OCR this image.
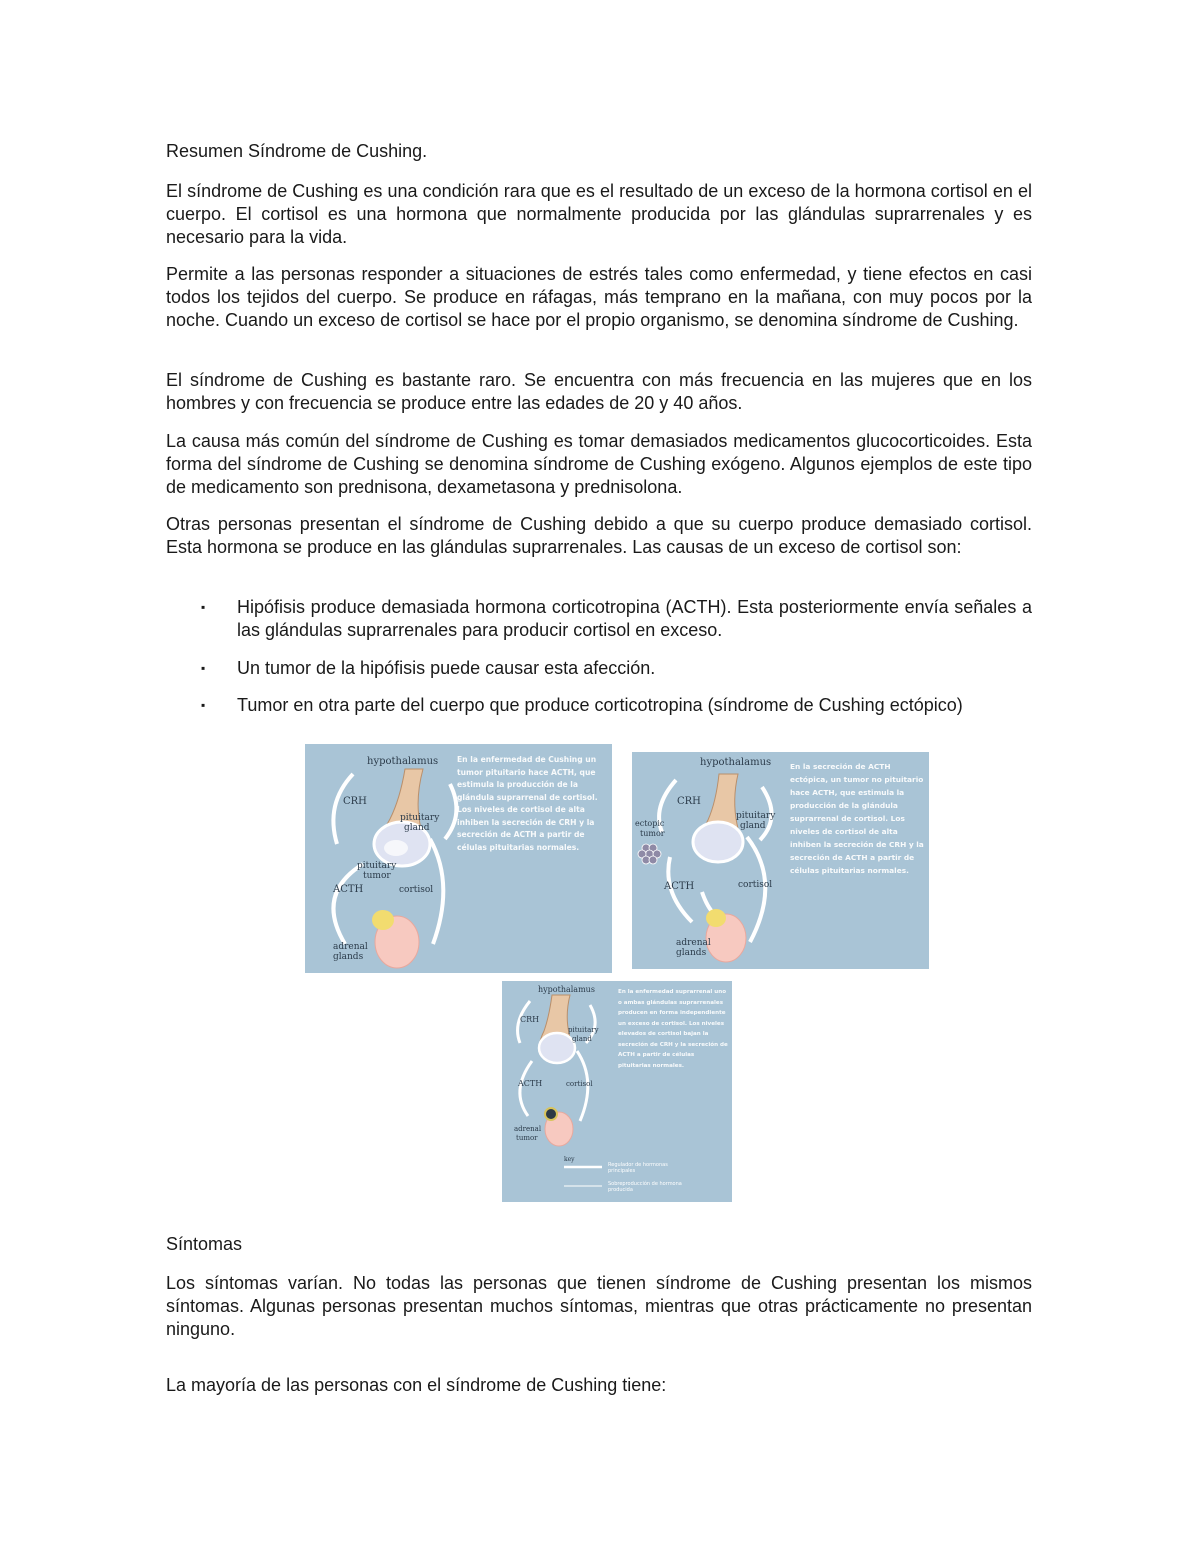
Resumen Síndrome de Cushing.
El síndrome de Cushing es una condición rara que es el resultado de un exceso de la hormona cortisol en el cuerpo. El cortisol es una hormona que normalmente producida por las glándulas suprarrenales y es necesario para la vida.
Permite a las personas responder a situaciones de estrés tales como enfermedad, y tiene efectos en casi todos los tejidos del cuerpo. Se produce en ráfagas, más temprano en la mañana, con muy pocos por la noche. Cuando un exceso de cortisol se hace por el propio organismo, se denomina síndrome de Cushing.
El síndrome de Cushing es bastante raro. Se encuentra con más frecuencia en las mujeres que en los hombres y con frecuencia se produce entre las edades de 20 y 40 años.
La causa más común del síndrome de Cushing es tomar demasiados medicamentos glucocorticoides. Esta forma del síndrome de Cushing se denomina síndrome de Cushing exógeno. Algunos ejemplos de este tipo de medicamento son prednisona, dexametasona y prednisolona.
Otras personas presentan el síndrome de Cushing debido a que su cuerpo produce demasiado cortisol. Esta hormona se produce en las glándulas suprarrenales. Las causas de un exceso de cortisol son:
▪ Hipófisis produce demasiada hormona corticotropina (ACTH). Esta posteriormente envía señales a las glándulas suprarrenales para producir cortisol en exceso.
▪ Un tumor de la hipófisis puede causar esta afección.
▪ Tumor en otra parte del cuerpo que produce corticotropina (síndrome de Cushing ectópico)
hypothalamus
CRH
pituitary
gland
pituitary
tumor
ACTH	cortisol
adrenal
glands
En la enfermedad de Cushing un tumor pituitario hace ACTH, que estimula la producción de la glándula suprarrenal de cortisol. Los niveles de cortisol de alta inhiben la secreción de CRH y la secreción de ACTH a partir de células pituitarias normales.
hypothalamus
CRH
pituitary
gland
ectopic
tumor
ACTH	cortisol
adrenal
glands
En la secreción de ACTH ectópica, un tumor no pituitario hace ACTH, que estimula la producción de la glándula suprarrenal de cortisol. Los niveles de cortisol de alta inhiben la secreción de CRH y la secreción de ACTH a partir de células pituitarias normales.
hypothalamus
CRH
pituitary
gland
ACTH	cortisol
adrenal
tumor
key
Regulador de hormonas
principales
Sobreproducción de hormona
producida
En la enfermedad suprarrenal uno o ambas glándulas suprarrenales producen en forma independiente un exceso de cortisol. Los niveles elevados de cortisol bajan la secreción de CRH y la secreción de ACTH a partir de células pituitarias normales.
Síntomas
Los síntomas varían. No todas las personas que tienen síndrome de Cushing presentan los mismos síntomas. Algunas personas presentan muchos síntomas, mientras que otras prácticamente no presentan ninguno.
La mayoría de las personas con el síndrome de Cushing tiene:
